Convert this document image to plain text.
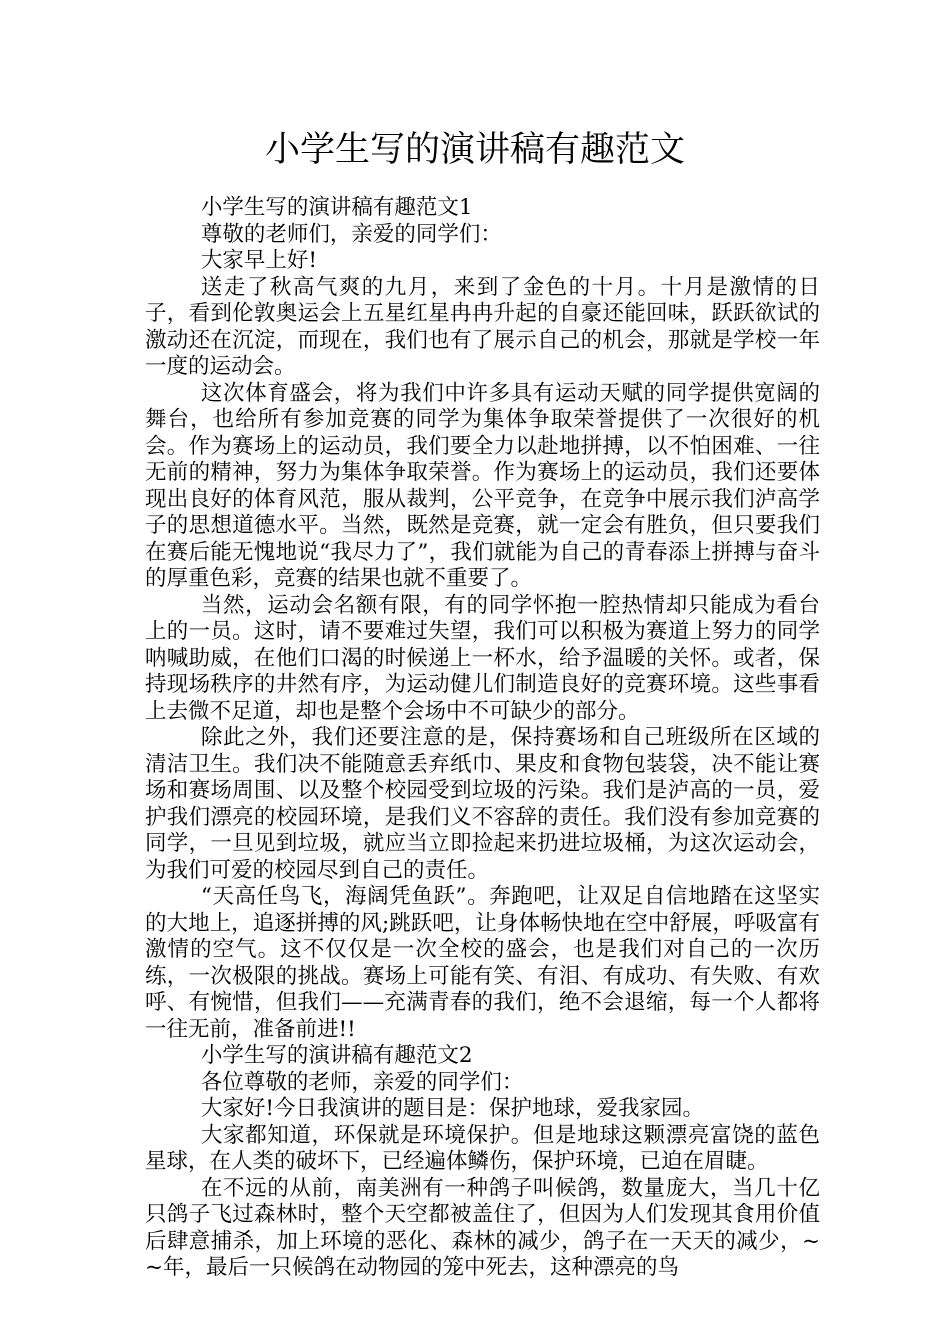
小学生写的演讲稿有趣范文

小学生写的演讲稿有趣范文1

尊敬的老师们，亲爱的同学们：

大家早上好!

送走了秋高气爽的九月，来到了金色的十月。十月是激情的日子，看到伦敦奥运会上五星红星冉冉升起的自豪还能回味，跃跃欲试的激动还在沉淀，而现在，我们也有了展示自己的机会，那就是学校一年一度的运动会。

这次体育盛会，将为我们中许多具有运动天赋的同学提供宽阔的舞台，也给所有参加竞赛的同学为集体争取荣誉提供了一次很好的机会。作为赛场上的运动员，我们要全力以赴地拼搏，以不怕困难、一往无前的精神，努力为集体争取荣誉。作为赛场上的运动员，我们还要体现出良好的体育风范，服从裁判，公平竞争，在竞争中展示我们泸高学子的思想道德水平。当然，既然是竞赛，就一定会有胜负，但只要我们在赛后能无愧地说“我尽力了”，我们就能为自己的青春添上拼搏与奋斗的厚重色彩，竞赛的结果也就不重要了。

当然，运动会名额有限，有的同学怀抱一腔热情却只能成为看台上的一员。这时，请不要难过失望，我们可以积极为赛道上努力的同学呐喊助威，在他们口渴的时候递上一杯水，给予温暖的关怀。或者，保持现场秩序的井然有序，为运动健儿们制造良好的竞赛环境。这些事看上去微不足道，却也是整个会场中不可缺少的部分。

除此之外，我们还要注意的是，保持赛场和自己班级所在区域的清洁卫生。我们决不能随意丢弃纸巾、果皮和食物包装袋，决不能让赛场和赛场周围、以及整个校园受到垃圾的污染。我们是泸高的一员，爱护我们漂亮的校园环境，是我们义不容辞的责任。我们没有参加竞赛的同学，一旦见到垃圾，就应当立即捡起来扔进垃圾桶，为这次运动会，为我们可爱的校园尽到自己的责任。

“天高任鸟飞，海阔凭鱼跃”。奔跑吧，让双足自信地踏在这坚实的大地上，追逐拼搏的风;跳跃吧，让身体畅快地在空中舒展，呼吸富有激情的空气。这不仅仅是一次全校的盛会，也是我们对自己的一次历练，一次极限的挑战。赛场上可能有笑、有泪、有成功、有失败、有欢呼、有惋惜，但我们——充满青春的我们，绝不会退缩，每一个人都将一往无前，准备前进!!

小学生写的演讲稿有趣范文2

各位尊敬的老师，亲爱的同学们：

大家好!今日我演讲的题目是：保护地球，爱我家园。

大家都知道，环保就是环境保护。但是地球这颗漂亮富饶的蓝色星球，在人类的破坏下，已经遍体鳞伤，保护环境，已迫在眉睫。

在不远的从前，南美洲有一种鸽子叫候鸽，数量庞大，当几十亿只鸽子飞过森林时，整个天空都被盖住了，但因为人们发现其食用价值后肆意捕杀，加上环境的恶化、森林的减少，鸽子在一天天的减少，~~年，最后一只候鸽在动物园的笼中死去，这种漂亮的鸟
